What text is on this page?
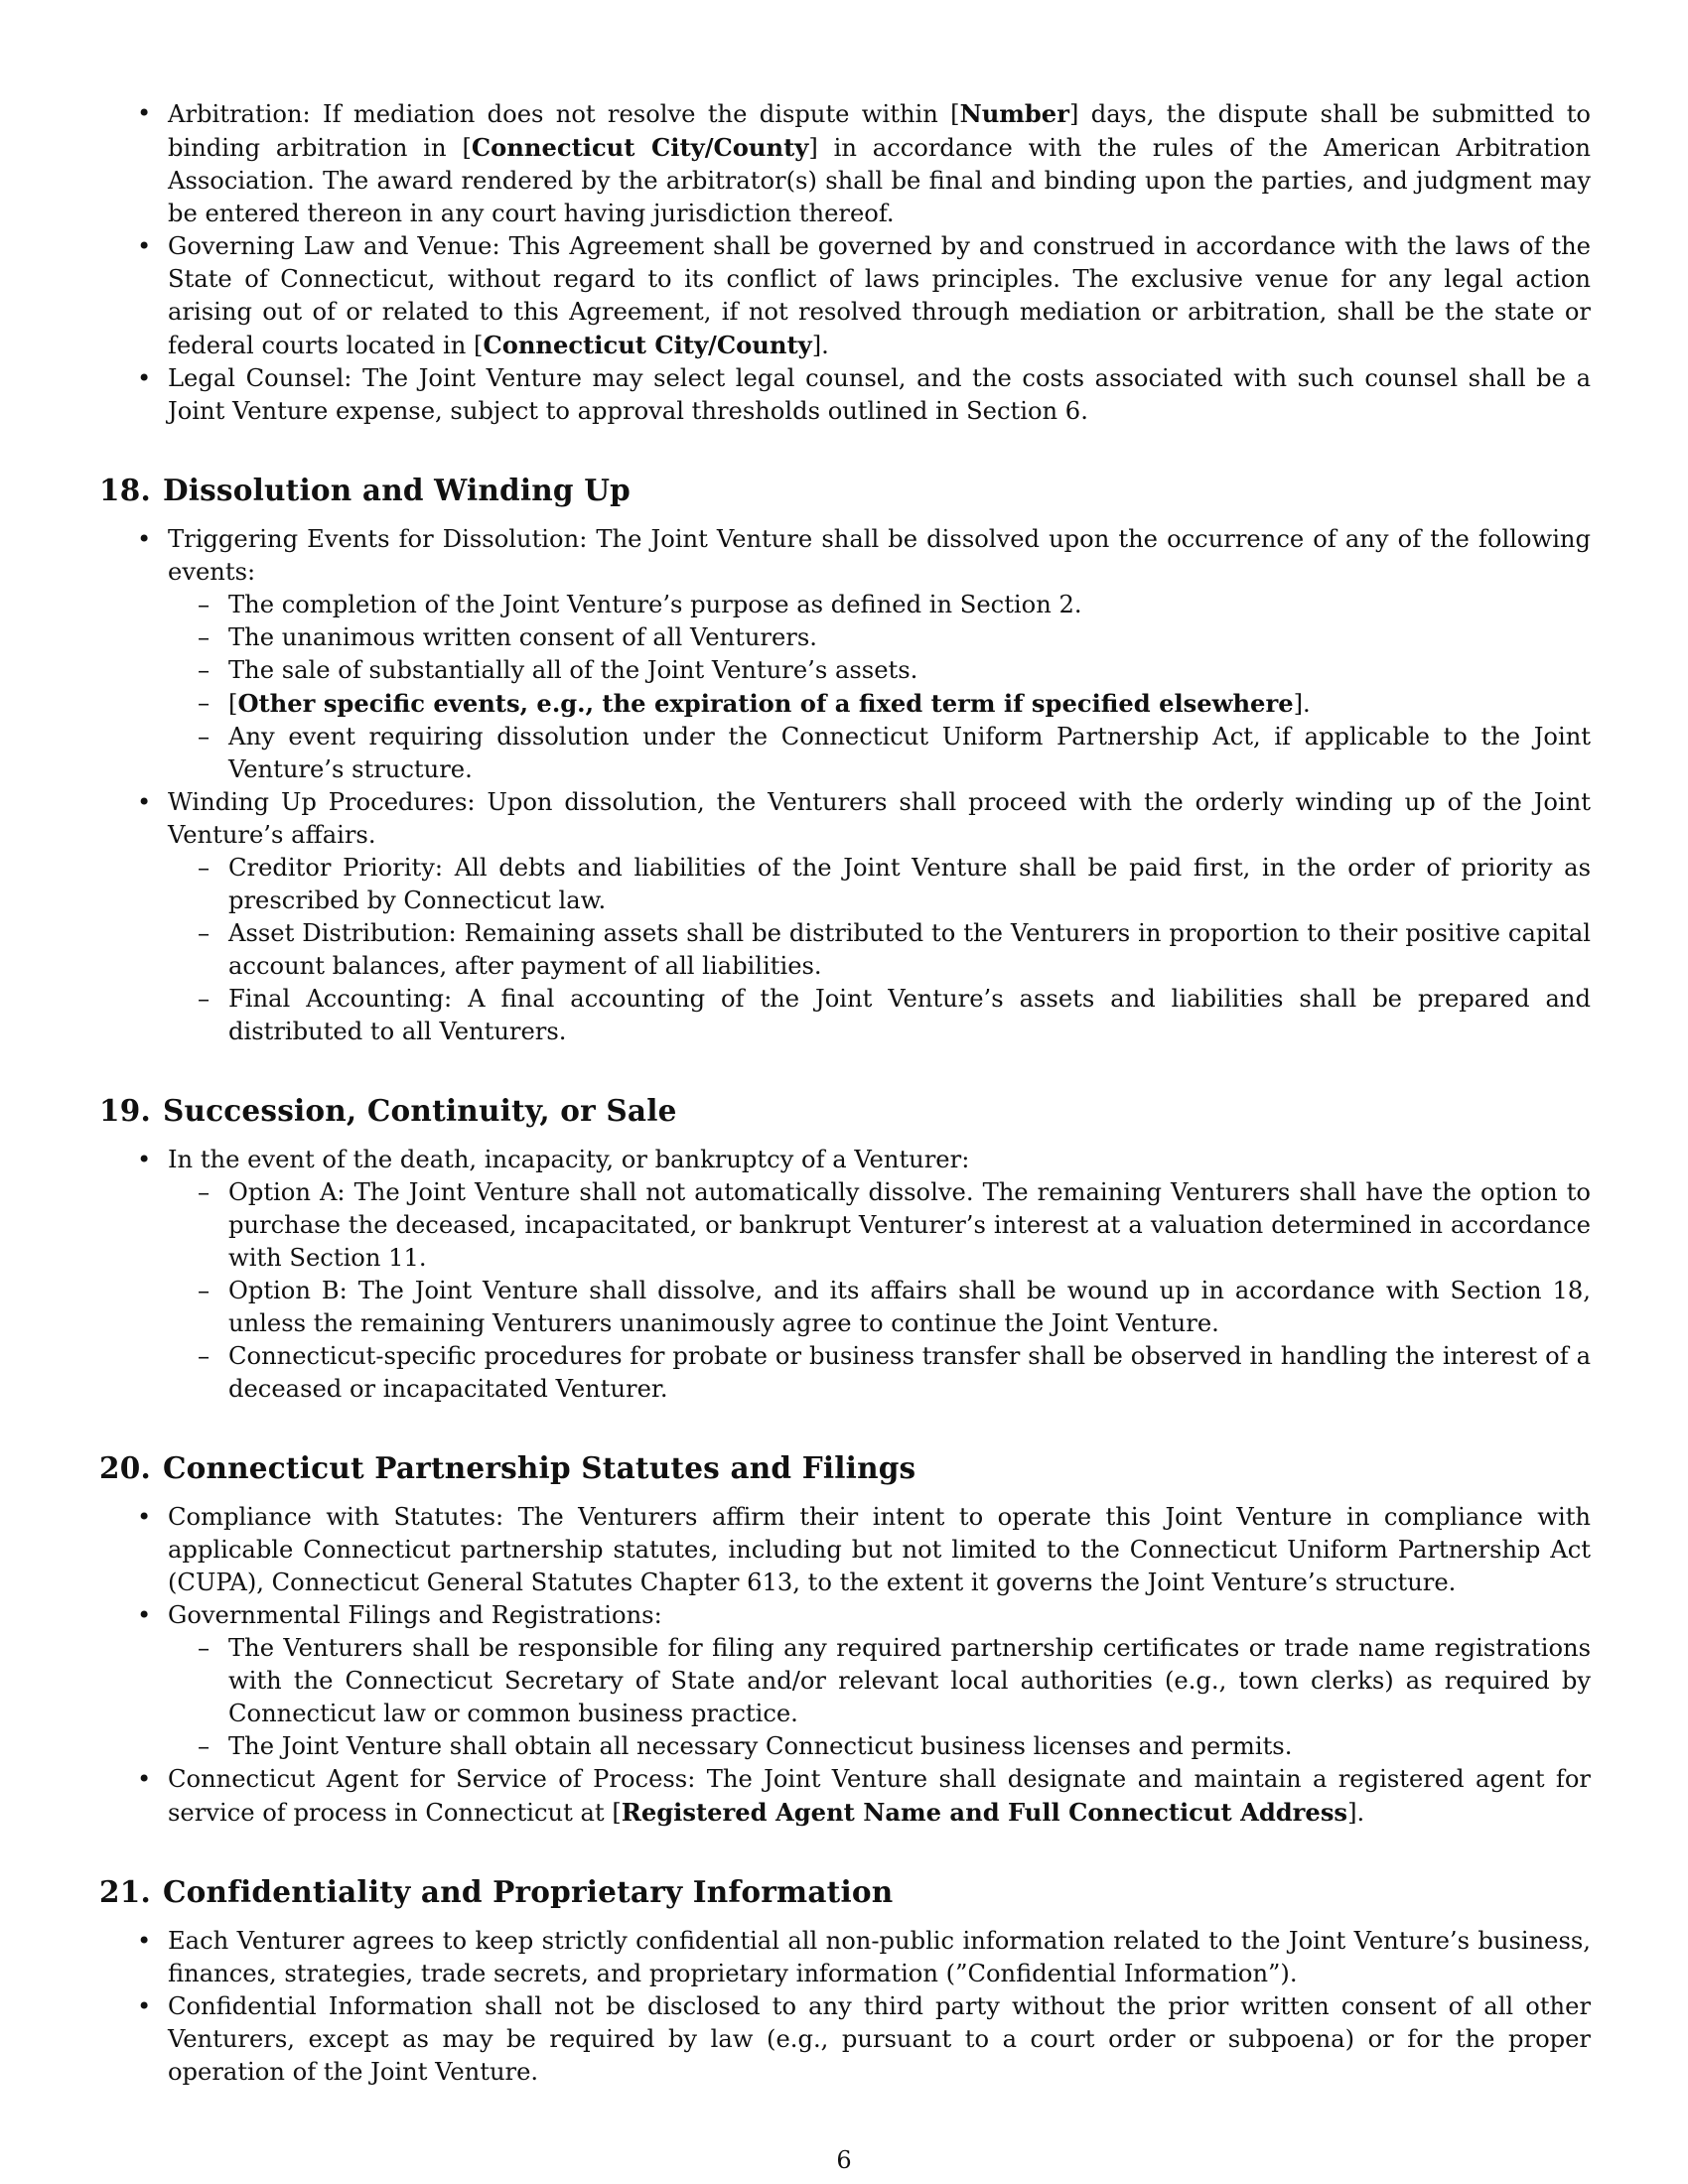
• Arbitration: If mediation does not resolve the dispute within [Number] days, the dispute shall be submitted to binding arbitration in [Connecticut City/County] in accordance with the rules of the American Arbitration Association. The award rendered by the arbitrator(s) shall be final and binding upon the parties, and judgment may be entered thereon in any court having jurisdiction thereof.
• Governing Law and Venue: This Agreement shall be governed by and construed in accordance with the laws of the State of Connecticut, without regard to its conflict of laws principles. The exclusive venue for any legal action arising out of or related to this Agreement, if not resolved through mediation or arbitration, shall be the state or federal courts located in [Connecticut City/County].
• Legal Counsel: The Joint Venture may select legal counsel, and the costs associated with such counsel shall be a Joint Venture expense, subject to approval thresholds outlined in Section 6.
18. Dissolution and Winding Up
• Triggering Events for Dissolution: The Joint Venture shall be dissolved upon the occurrence of any of the following events:
– The completion of the Joint Venture’s purpose as defined in Section 2.
– The unanimous written consent of all Venturers.
– The sale of substantially all of the Joint Venture’s assets.
– [Other specific events, e.g., the expiration of a fixed term if specified elsewhere].
– Any event requiring dissolution under the Connecticut Uniform Partnership Act, if applicable to the Joint Venture’s structure.
• Winding Up Procedures: Upon dissolution, the Venturers shall proceed with the orderly winding up of the Joint Venture’s affairs.
– Creditor Priority: All debts and liabilities of the Joint Venture shall be paid first, in the order of priority as prescribed by Connecticut law.
– Asset Distribution: Remaining assets shall be distributed to the Venturers in proportion to their positive capital account balances, after payment of all liabilities.
– Final Accounting: A final accounting of the Joint Venture’s assets and liabilities shall be prepared and distributed to all Venturers.
19. Succession, Continuity, or Sale
• In the event of the death, incapacity, or bankruptcy of a Venturer:
– Option A: The Joint Venture shall not automatically dissolve. The remaining Venturers shall have the option to purchase the deceased, incapacitated, or bankrupt Venturer’s interest at a valuation determined in accordance with Section 11.
– Option B: The Joint Venture shall dissolve, and its affairs shall be wound up in accordance with Section 18, unless the remaining Venturers unanimously agree to continue the Joint Venture.
– Connecticut-specific procedures for probate or business transfer shall be observed in handling the interest of a deceased or incapacitated Venturer.
20. Connecticut Partnership Statutes and Filings
• Compliance with Statutes: The Venturers affirm their intent to operate this Joint Venture in compliance with applicable Connecticut partnership statutes, including but not limited to the Connecticut Uniform Partnership Act (CUPA), Connecticut General Statutes Chapter 613, to the extent it governs the Joint Venture’s structure.
• Governmental Filings and Registrations:
– The Venturers shall be responsible for filing any required partnership certificates or trade name registrations with the Connecticut Secretary of State and/or relevant local authorities (e.g., town clerks) as required by Connecticut law or common business practice.
– The Joint Venture shall obtain all necessary Connecticut business licenses and permits.
• Connecticut Agent for Service of Process: The Joint Venture shall designate and maintain a registered agent for service of process in Connecticut at [Registered Agent Name and Full Connecticut Address].
21. Confidentiality and Proprietary Information
• Each Venturer agrees to keep strictly confidential all non-public information related to the Joint Venture’s business, finances, strategies, trade secrets, and proprietary information (”Confidential Information”).
• Confidential Information shall not be disclosed to any third party without the prior written consent of all other Venturers, except as may be required by law (e.g., pursuant to a court order or subpoena) or for the proper operation of the Joint Venture.
6
